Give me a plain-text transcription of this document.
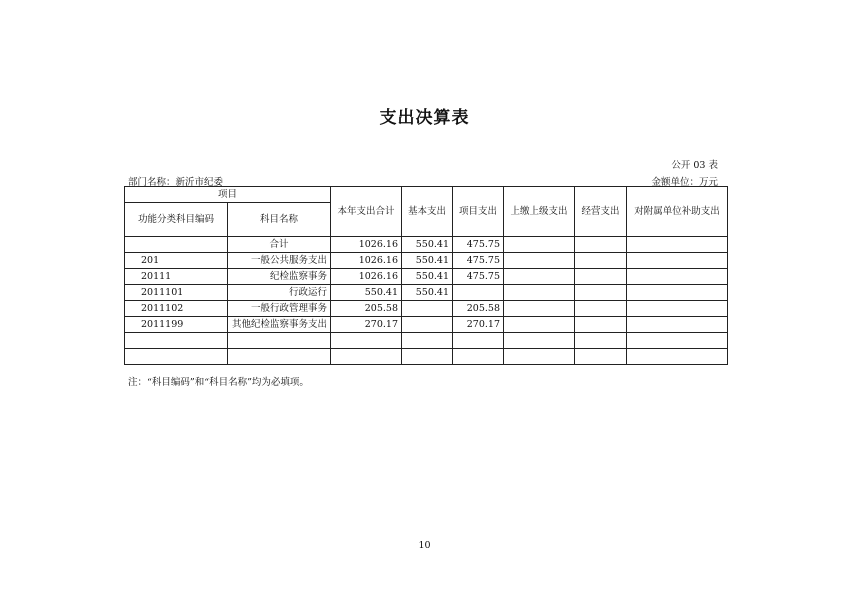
支出决算表
公开 03 表
部门名称：新沂市纪委	金额单位：万元
项目		本年支出合计	基本支出	项目支出	上缴上级支出	经营支出	对附属单位补助支出
功能分类科目编码	科目名称						
	合计	1026.16	550.41	475.75			
201	一般公共服务支出	1026.16	550.41	475.75			
20111	纪检监察事务	1026.16	550.41	475.75			
2011101	行政运行	550.41	550.41				
2011102	一般行政管理事务	205.58		205.58			
2011199	其他纪检监察事务支出	270.17		270.17			

注：“科目编码”和“科目名称”均为必填项。
10
